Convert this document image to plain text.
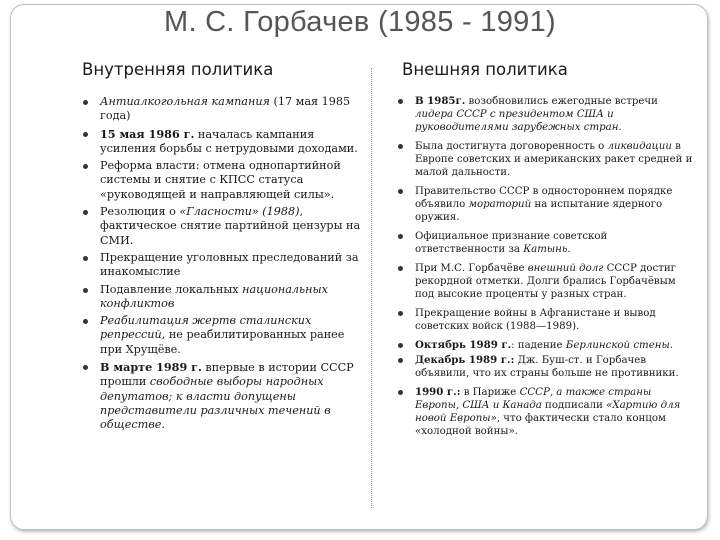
М. С. Горбачев (1985 - 1991)
Внутренняя политика	Внешняя политика
Антиалкогольная кампания (17 мая 1985 года)
15 мая 1986 г. началась кампания усиления борьбы с нетрудовыми доходами.
Реформа власти: отмена однопартийной системы и снятие с КПСС статуса «руководящей и направляющей силы».
Резолюция о «Гласности» (1988), фактическое снятие партийной цензуры на СМИ.
Прекращение уголовных преследований за инакомыслие
Подавление локальных национальных конфликтов
Реабилитация жертв сталинских репрессий, не реабилитированных ранее при Хрущёве.
В марте 1989 г. впервые в истории СССР прошли свободные выборы народных депутатов; к власти допущены представители различных течений в обществе.
В 1985г. возобновились ежегодные встречи лидера СССР с президентом США и руководителями зарубежных стран.
Была достигнута договоренность о ликвидации в Европе советских и американских ракет средней и малой дальности.
Правительство СССР в одностороннем порядке объявило мораторий на испытание ядерного оружия.
Официальное признание советской ответственности за Катынь.
При М.С. Горбачёве внешний долг СССР достиг рекордной отметки. Долги брались Горбачёвым под высокие проценты у разных стран.
Прекращение войны в Афганистане и вывод советских войск (1988—1989).
Октябрь 1989 г.: падение Берлинской стены.
Декабрь 1989 г.: Дж. Буш-ст. и Горбачев объявили, что их страны больше не противники.
1990 г.: в Париже СССР, а также страны Европы, США и Канада подписали «Хартию для новой Европы», что фактически стало концом «холодной войны».
